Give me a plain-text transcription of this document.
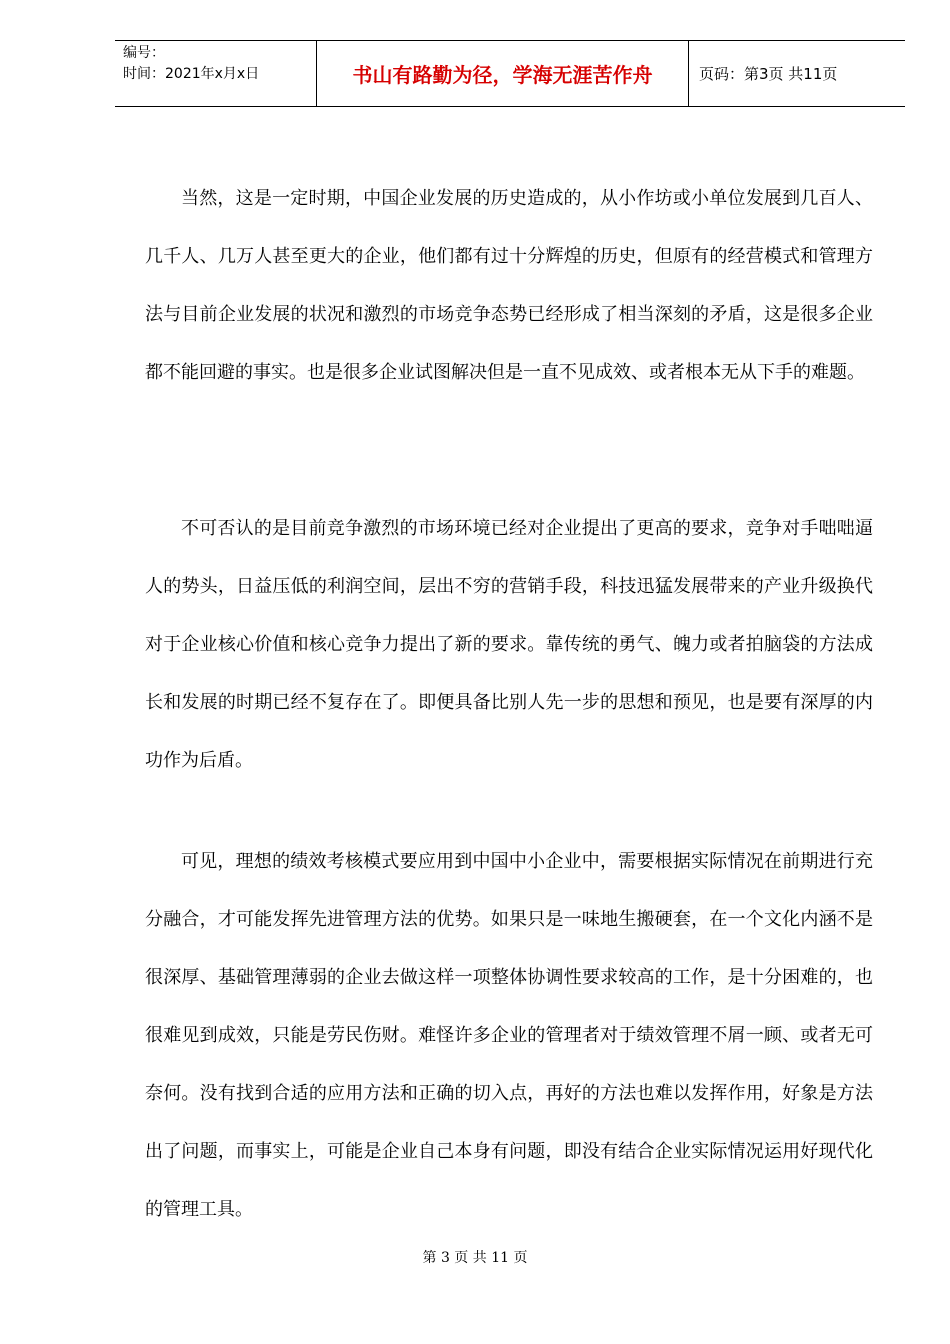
编号：
时间：2021年x月x日	书山有路勤为径，学海无涯苦作舟	页码：第3页 共11页

当然，这是一定时期，中国企业发展的历史造成的，从小作坊或小单位发展到几百人、几千人、几万人甚至更大的企业，他们都有过十分辉煌的历史，但原有的经营模式和管理方法与目前企业发展的状况和激烈的市场竞争态势已经形成了相当深刻的矛盾，这是很多企业都不能回避的事实。也是很多企业试图解决但是一直不见成效、或者根本无从下手的难题。

不可否认的是目前竞争激烈的市场环境已经对企业提出了更高的要求，竞争对手咄咄逼人的势头，日益压低的利润空间，层出不穷的营销手段，科技迅猛发展带来的产业升级换代对于企业核心价值和核心竞争力提出了新的要求。靠传统的勇气、魄力或者拍脑袋的方法成长和发展的时期已经不复存在了。即便具备比别人先一步的思想和预见，也是要有深厚的内功作为后盾。

可见，理想的绩效考核模式要应用到中国中小企业中，需要根据实际情况在前期进行充分融合，才可能发挥先进管理方法的优势。如果只是一味地生搬硬套，在一个文化内涵不是很深厚、基础管理薄弱的企业去做这样一项整体协调性要求较高的工作，是十分困难的，也很难见到成效，只能是劳民伤财。难怪许多企业的管理者对于绩效管理不屑一顾、或者无可奈何。没有找到合适的应用方法和正确的切入点，再好的方法也难以发挥作用，好象是方法出了问题，而事实上，可能是企业自己本身有问题，即没有结合企业实际情况运用好现代化的管理工具。

第 3 页 共 11 页
